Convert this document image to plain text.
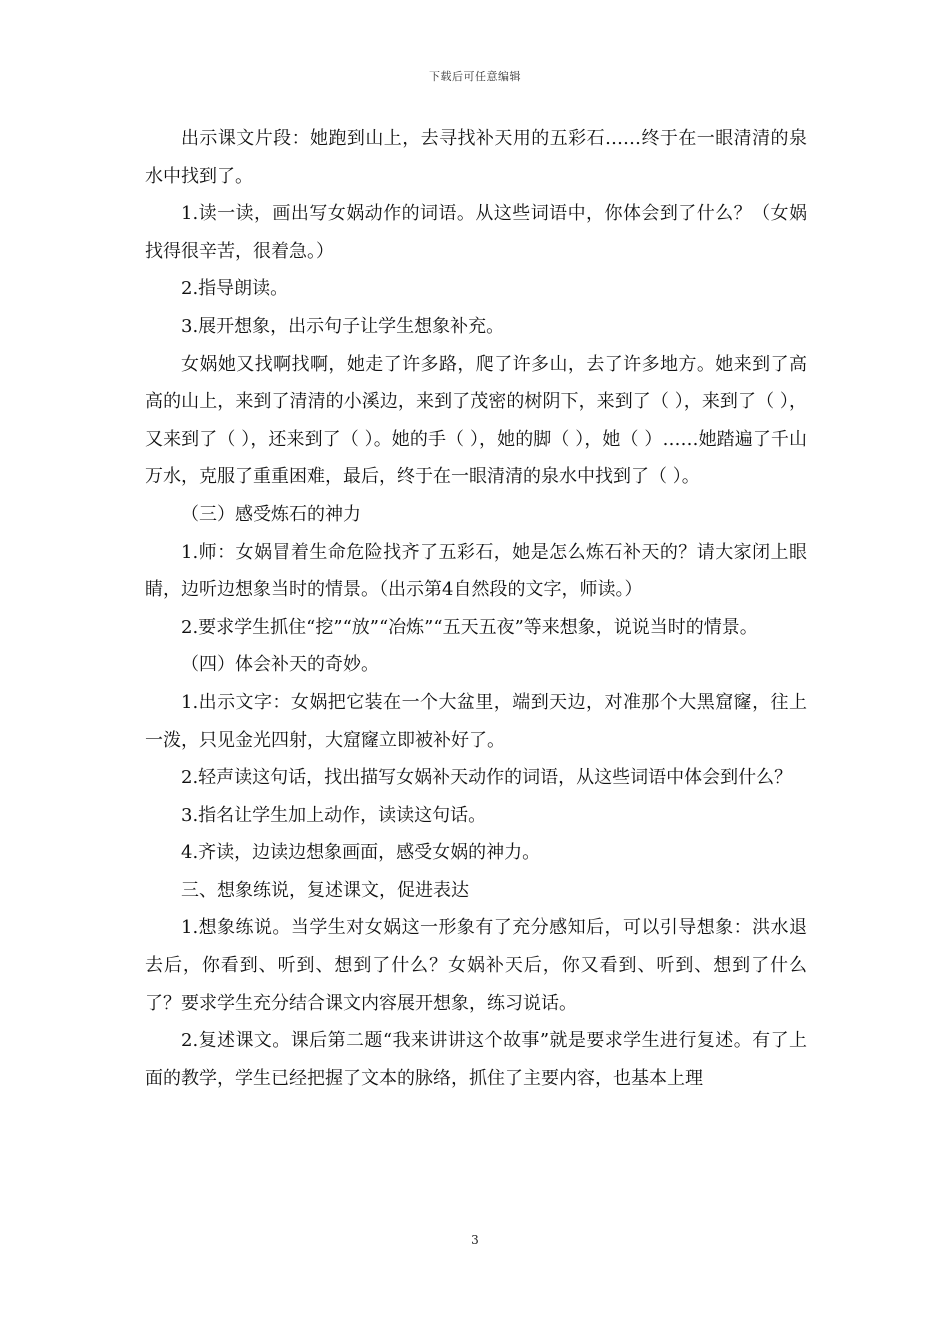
下载后可任意编辑

出示课文片段：她跑到山上，去寻找补天用的五彩石……终于在一眼清清的泉水中找到了。

1.读一读，画出写女娲动作的词语。从这些词语中，你体会到了什么？（女娲找得很辛苦，很着急。）

2.指导朗读。

3.展开想象，出示句子让学生想象补充。

女娲她又找啊找啊，她走了许多路，爬了许多山，去了许多地方。她来到了高高的山上，来到了清清的小溪边，来到了茂密的树阴下，来到了（ ），来到了（ ），又来到了（ ），还来到了（ ）。她的手（ ），她的脚（ ），她（ ）……她踏遍了千山万水，克服了重重困难，最后，终于在一眼清清的泉水中找到了（ ）。

（三）感受炼石的神力

1.师：女娲冒着生命危险找齐了五彩石，她是怎么炼石补天的？请大家闭上眼睛，边听边想象当时的情景。（出示第4自然段的文字，师读。）

2.要求学生抓住“挖”“放”“冶炼”“五天五夜”等来想象，说说当时的情景。

（四）体会补天的奇妙。

1.出示文字：女娲把它装在一个大盆里，端到天边，对准那个大黑窟窿，往上一泼，只见金光四射，大窟窿立即被补好了。

2.轻声读这句话，找出描写女娲补天动作的词语，从这些词语中体会到什么？

3.指名让学生加上动作，读读这句话。

4.齐读，边读边想象画面，感受女娲的神力。

三、想象练说，复述课文，促进表达

1.想象练说。当学生对女娲这一形象有了充分感知后，可以引导想象：洪水退去后，你看到、听到、想到了什么？女娲补天后，你又看到、听到、想到了什么了？要求学生充分结合课文内容展开想象，练习说话。

2.复述课文。课后第二题“我来讲讲这个故事”就是要求学生进行复述。有了上面的教学，学生已经把握了文本的脉络，抓住了主要内容，也基本上理

3
